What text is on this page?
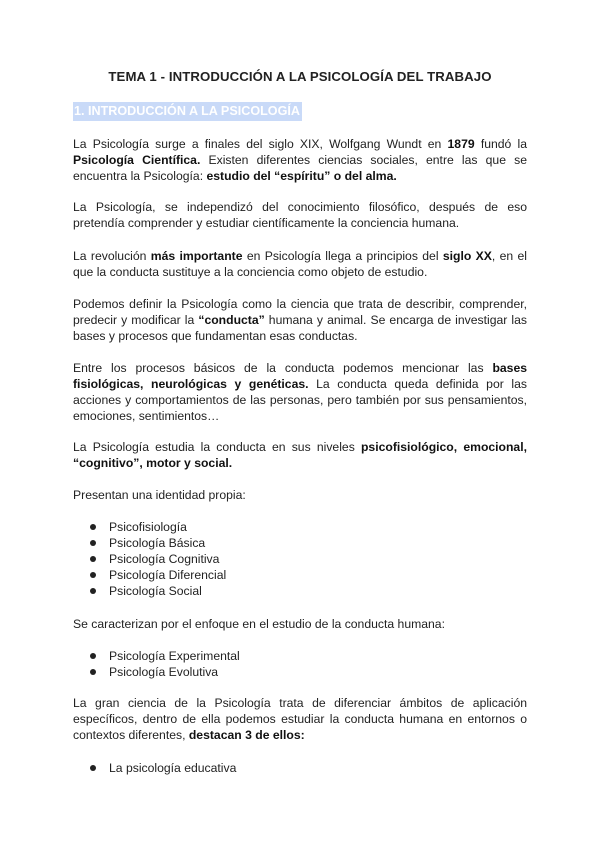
TEMA 1 - INTRODUCCIÓN A LA PSICOLOGÍA DEL TRABAJO
1. INTRODUCCIÓN A LA PSICOLOGÍA
La Psicología surge a finales del siglo XIX, Wolfgang Wundt en 1879 fundó la Psicología Científica. Existen diferentes ciencias sociales, entre las que se encuentra la Psicología: estudio del “espíritu” o del alma.
La Psicología, se independizó del conocimiento filosófico, después de eso pretendía comprender y estudiar científicamente la conciencia humana.
La revolución más importante en Psicología llega a principios del siglo XX, en el que la conducta sustituye a la conciencia como objeto de estudio.
Podemos definir la Psicología como la ciencia que trata de describir, comprender, predecir y modificar la “conducta” humana y animal. Se encarga de investigar las bases y procesos que fundamentan esas conductas.
Entre los procesos básicos de la conducta podemos mencionar las bases fisiológicas, neurológicas y genéticas. La conducta queda definida por las acciones y comportamientos de las personas, pero también por sus pensamientos, emociones, sentimientos…
La Psicología estudia la conducta en sus niveles psicofisiológico, emocional, “cognitivo”, motor y social.
Presentan una identidad propia:
Psicofisiología
Psicología Básica
Psicología Cognitiva
Psicología Diferencial
Psicología Social
Se caracterizan por el enfoque en el estudio de la conducta humana:
Psicología Experimental
Psicología Evolutiva
La gran ciencia de la Psicología trata de diferenciar ámbitos de aplicación específicos, dentro de ella podemos estudiar la conducta humana en entornos o contextos diferentes, destacan 3 de ellos:
La psicología educativa
